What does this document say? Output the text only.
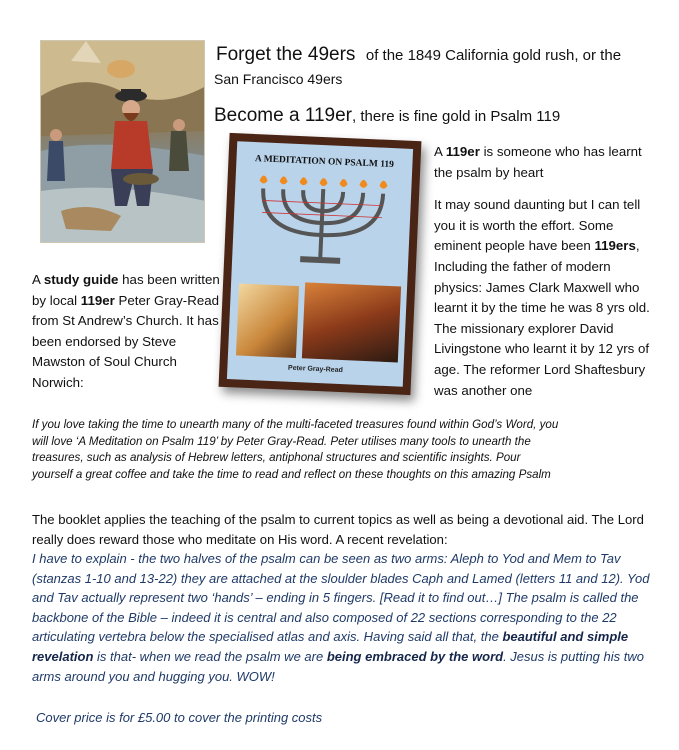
Forget the 49ers of the 1849 California gold rush, or the
San Francisco 49ers
Become a 119er, there is fine gold in Psalm 119
A MEDITATION ON PSALM 119
Peter Gray-Read

A 119er is someone who has learnt the psalm by heart

It may sound daunting but I can tell you it is worth the effort. Some eminent people have been 119ers, Including the father of modern physics: James Clark Maxwell who learnt it by the time he was 8 yrs old. The missionary explorer David Livingstone who learnt it by 12 yrs of age. The reformer Lord Shaftesbury was another one

A study guide has been written by local 119er Peter Gray-Read from St Andrew’s Church. It has been endorsed by Steve Mawston of Soul Church Norwich:

If you love taking the time to unearth many of the multi-faceted treasures found within God’s Word, you will love ‘A Meditation on Psalm 119’ by Peter Gray-Read. Peter utilises many tools to unearth the treasures, such as analysis of Hebrew letters, antiphonal structures and scientific insights. Pour yourself a great coffee and take the time to read and reflect on these thoughts on this amazing Psalm
The booklet applies the teaching of the psalm to current topics as well as being a devotional aid. The Lord really does reward those who meditate on His word. A recent revelation:
I have to explain - the two halves of the psalm can be seen as two arms: Aleph to Yod and Mem to Tav (stanzas 1-10 and 13-22) they are attached at the sloulder blades Caph and Lamed (letters 11 and 12). Yod and Tav actually represent two ‘hands’ – ending in 5 fingers. [Read it to find out…] The psalm is called the backbone of the Bible – indeed it is central and also composed of 22 sections corresponding to the 22 articulating vertebra below the specialised atlas and axis. Having said all that, the beautiful and simple revelation is that- when we read the psalm we are being embraced by the word. Jesus is putting his two arms around you and hugging you. WOW!
Cover price is for £5.00 to cover the printing costs
